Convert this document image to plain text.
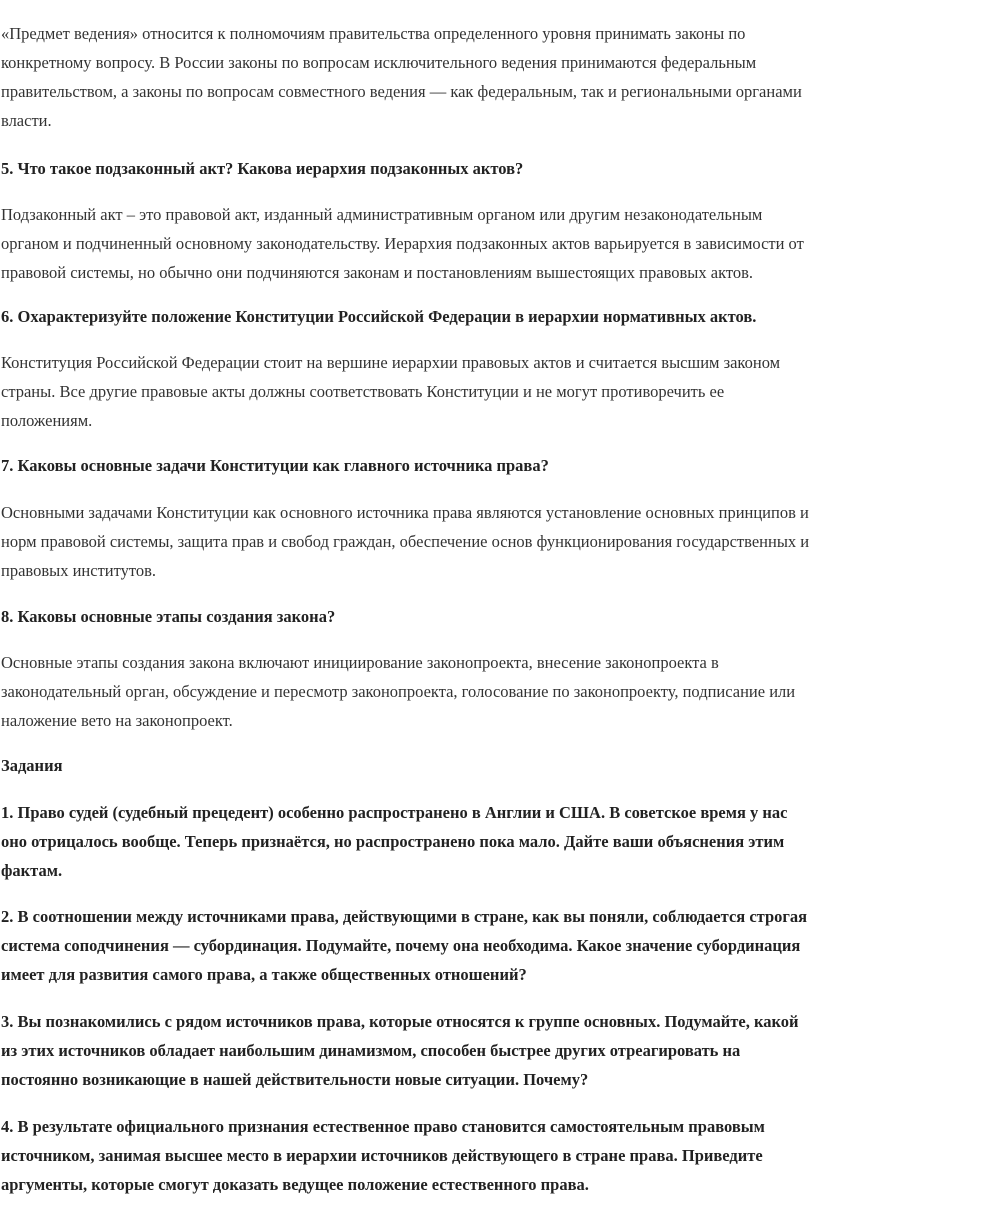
«Предмет ведения» относится к полномочиям правительства определенного уровня принимать законы по
конкретному вопросу. В России законы по вопросам исключительного ведения принимаются федеральным
правительством, а законы по вопросам совместного ведения — как федеральным, так и региональными органами
власти.
5. Что такое подзаконный акт? Какова иерархия подзаконных актов?
Подзаконный акт – это правовой акт, изданный административным органом или другим незаконодательным
органом и подчиненный основному законодательству. Иерархия подзаконных актов варьируется в зависимости от
правовой системы, но обычно они подчиняются законам и постановлениям вышестоящих правовых актов.
6. Охарактеризуйте положение Конституции Российской Федерации в иерархии нормативных актов.
Конституция Российской Федерации стоит на вершине иерархии правовых актов и считается высшим законом
страны. Все другие правовые акты должны соответствовать Конституции и не могут противоречить ее
положениям.
7. Каковы основные задачи Конституции как главного источника права?
Основными задачами Конституции как основного источника права являются установление основных принципов и
норм правовой системы, защита прав и свобод граждан, обеспечение основ функционирования государственных и
правовых институтов.
8. Каковы основные этапы создания закона?
Основные этапы создания закона включают инициирование законопроекта, внесение законопроекта в
законодательный орган, обсуждение и пересмотр законопроекта, голосование по законопроекту, подписание или
наложение вето на законопроект.
Задания
1. Право судей (судебный прецедент) особенно распространено в Англии и США. В советское время у нас
оно отрицалось вообще. Теперь признаётся, но распространено пока мало. Дайте ваши объяснения этим
фактам.
2. В соотношении между источниками права, действующими в стране, как вы поняли, соблюдается строгая
система соподчинения — субординация. Подумайте, почему она необходима. Какое значение субординация
имеет для развития самого права, а также общественных отношений?
3. Вы познакомились с рядом источников права, которые относятся к группе основных. Подумайте, какой
из этих источников обладает наибольшим динамизмом, способен быстрее других отреагировать на
постоянно возникающие в нашей действительности новые ситуации. Почему?
4. В результате официального признания естественное право становится самостоятельным правовым
источником, занимая высшее место в иерархии источников действующего в стране права. Приведите
аргументы, которые смогут доказать ведущее положение естественного права.
